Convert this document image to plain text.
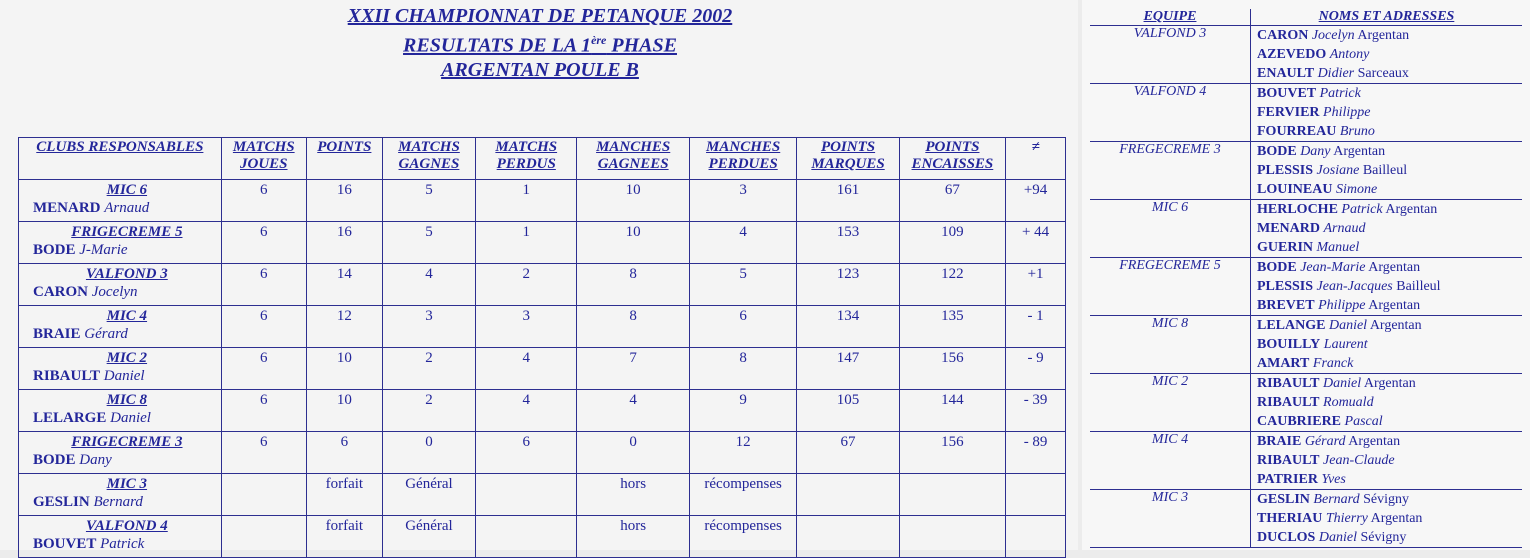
XXII CHAMPIONNAT DE PETANQUE 2002
RESULTATS DE LA 1ère PHASE
ARGENTAN POULE B
CLUBS RESPONSABLES	MATCHS JOUES	POINTS	MATCHS GAGNES	MATCHS PERDUS	MANCHES GAGNEES	MANCHES PERDUES	POINTS MARQUES	POINTS ENCAISSES	≠

MIC 6
MENARD Arnaud	6	16	5	1	10	3	161	67	+94

FRIGECREME 5
BODE J-Marie	6	16	5	1	10	4	153	109	+ 44

VALFOND 3
CARON Jocelyn	6	14	4	2	8	5	123	122	+1

MIC 4
BRAIE Gérard	6	12	3	3	8	6	134	135	- 1

MIC 2
RIBAULT Daniel	6	10	2	4	7	8	147	156	- 9

MIC 8
LELARGE Daniel	6	10	2	4	4	9	105	144	- 39

FRIGECREME 3
BODE Dany	6	6	0	6	0	12	67	156	- 89

MIC 3
GESLIN Bernard		forfait	Général		hors	récompenses			

VALFOND 4
BOUVET Patrick		forfait	Général		hors	récompenses			
EQUIPE	NOMS ET ADRESSES
VALFOND 3	CARON Jocelyn Argentan
AZEVEDO Antony
ENAULT Didier Sarceaux

VALFOND 4	BOUVET Patrick
FERVIER Philippe
FOURREAU Bruno

FREGECREME 3	BODE Dany Argentan
PLESSIS Josiane Bailleul
LOUINEAU Simone

MIC 6	HERLOCHE Patrick Argentan
MENARD Arnaud
GUERIN Manuel

FREGECREME 5	BODE Jean-Marie Argentan
PLESSIS Jean-Jacques Bailleul
BREVET Philippe Argentan

MIC 8	LELANGE Daniel Argentan
BOUILLY Laurent
AMART Franck

MIC 2	RIBAULT Daniel Argentan
RIBAULT Romuald
CAUBRIERE Pascal

MIC 4	BRAIE Gérard Argentan
RIBAULT Jean-Claude
PATRIER Yves

MIC 3	GESLIN Bernard Sévigny
THERIAU Thierry Argentan
DUCLOS Daniel Sévigny
